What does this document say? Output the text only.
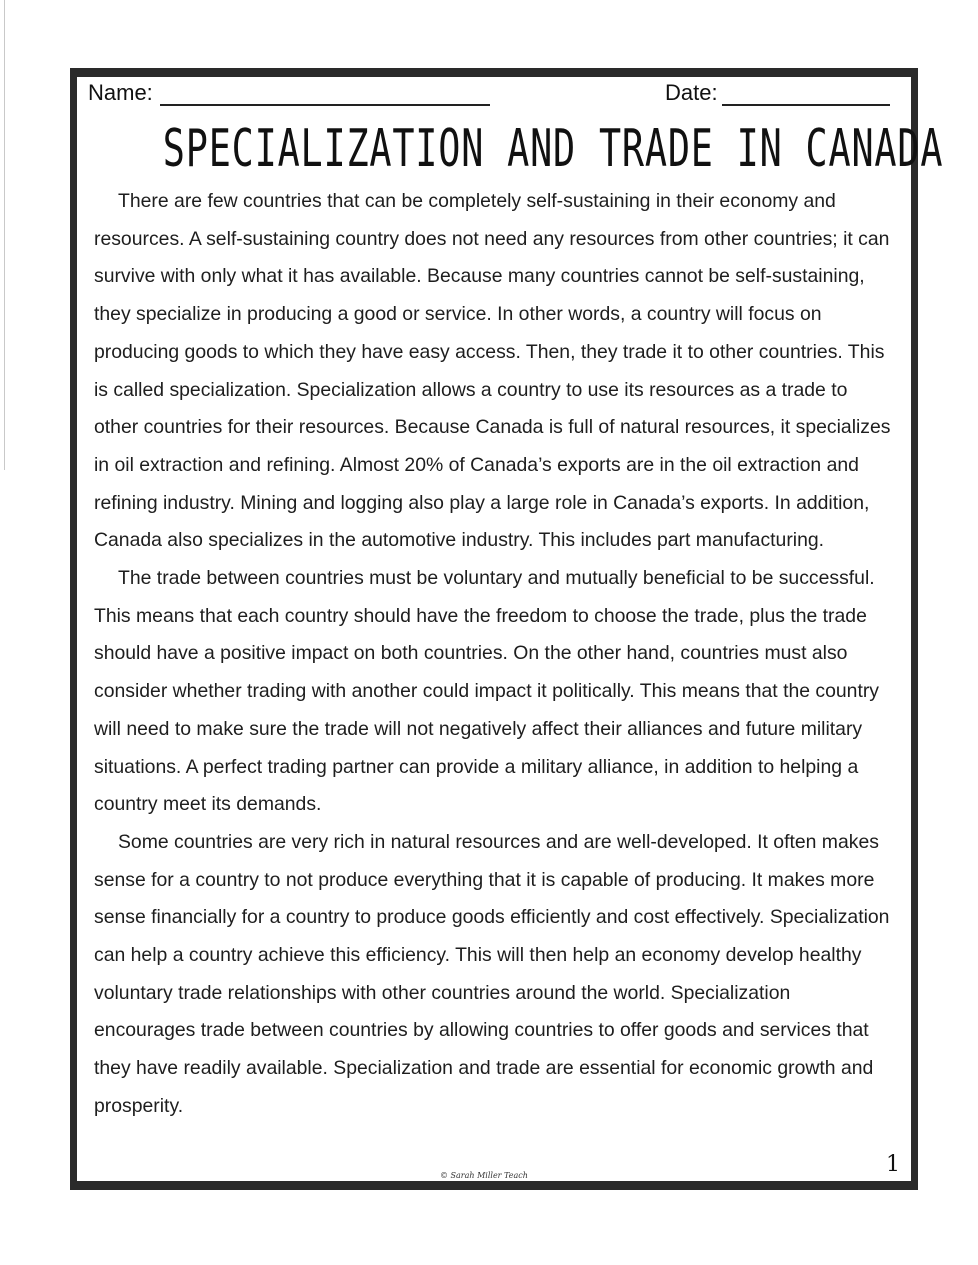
Name:	Date:
SPECIALIZATION AND TRADE IN CANADA

There are few countries that can be completely self-sustaining in their economy and resources. A self-sustaining country does not need any resources from other countries; it can survive with only what it has available. Because many countries cannot be self-sustaining, they specialize in producing a good or service. In other words, a country will focus on producing goods to which they have easy access. Then, they trade it to other countries. This is called specialization. Specialization allows a country to use its resources as a trade to other countries for their resources. Because Canada is full of natural resources, it specializes in oil extraction and refining. Almost 20% of Canada’s exports are in the oil extraction and refining industry. Mining and logging also play a large role in Canada’s exports. In addition, Canada also specializes in the automotive industry. This includes part manufacturing.

The trade between countries must be voluntary and mutually beneficial to be successful. This means that each country should have the freedom to choose the trade, plus the trade should have a positive impact on both countries. On the other hand, countries must also consider whether trading with another could impact it politically. This means that the country will need to make sure the trade will not negatively affect their alliances and future military situations. A perfect trading partner can provide a military alliance, in addition to helping a country meet its demands.

Some countries are very rich in natural resources and are well-developed. It often makes sense for a country to not produce everything that it is capable of producing. It makes more sense financially for a country to produce goods efficiently and cost effectively. Specialization can help a country achieve this efficiency. This will then help an economy develop healthy voluntary trade relationships with other countries around the world. Specialization encourages trade between countries by allowing countries to offer goods and services that they have readily available. Specialization and trade are essential for economic growth and prosperity.

© Sarah Miller Teach	1
